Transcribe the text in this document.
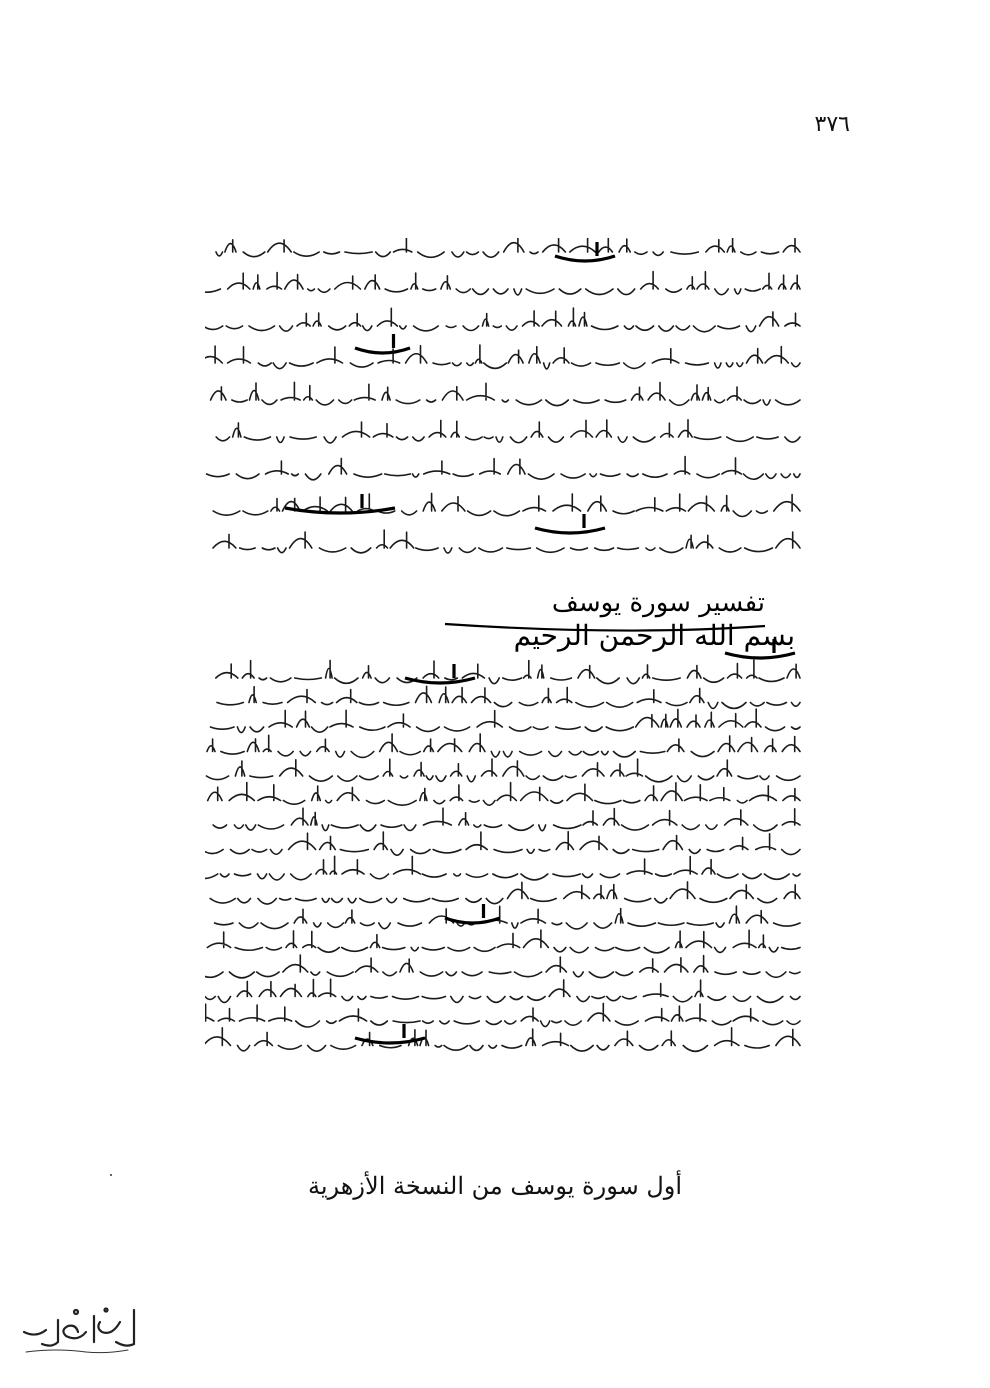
٣٧٦
تفسير سورة يوسف
بسم الله الرحمن الرحيم
أول سورة يوسف من النسخة الأزهرية
